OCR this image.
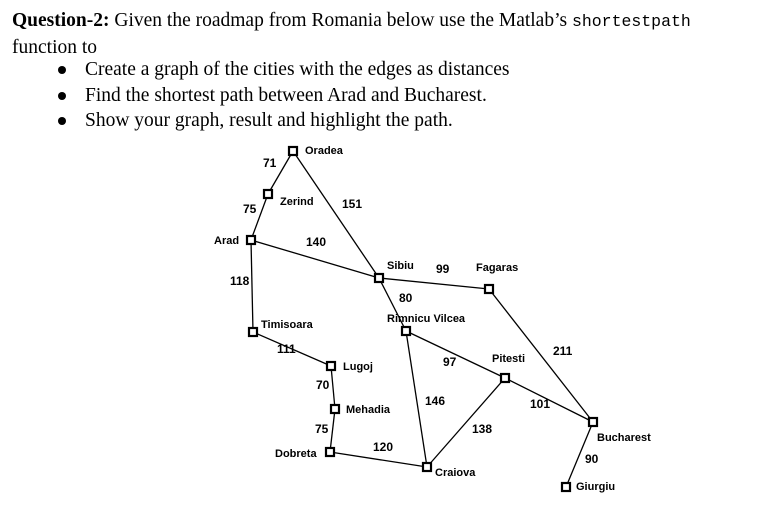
Question-2: Given the roadmap from Romania below use the Matlab’s shortestpath
function to
Create a graph of the cities with the edges as distances
Find the shortest path between Arad and Bucharest.
Show your graph, result and highlight the path.
Oradea
Zerind
Arad
Sibiu	Fagaras
Timisoara	Rimnicu Vilcea
Lugoj
Pitesti
Mehadia
Dobreta
Craiova
Bucharest
Giurgiu
71
75	151
140
99
118
80
111	211
97
70
146	101
138
75
120
90
